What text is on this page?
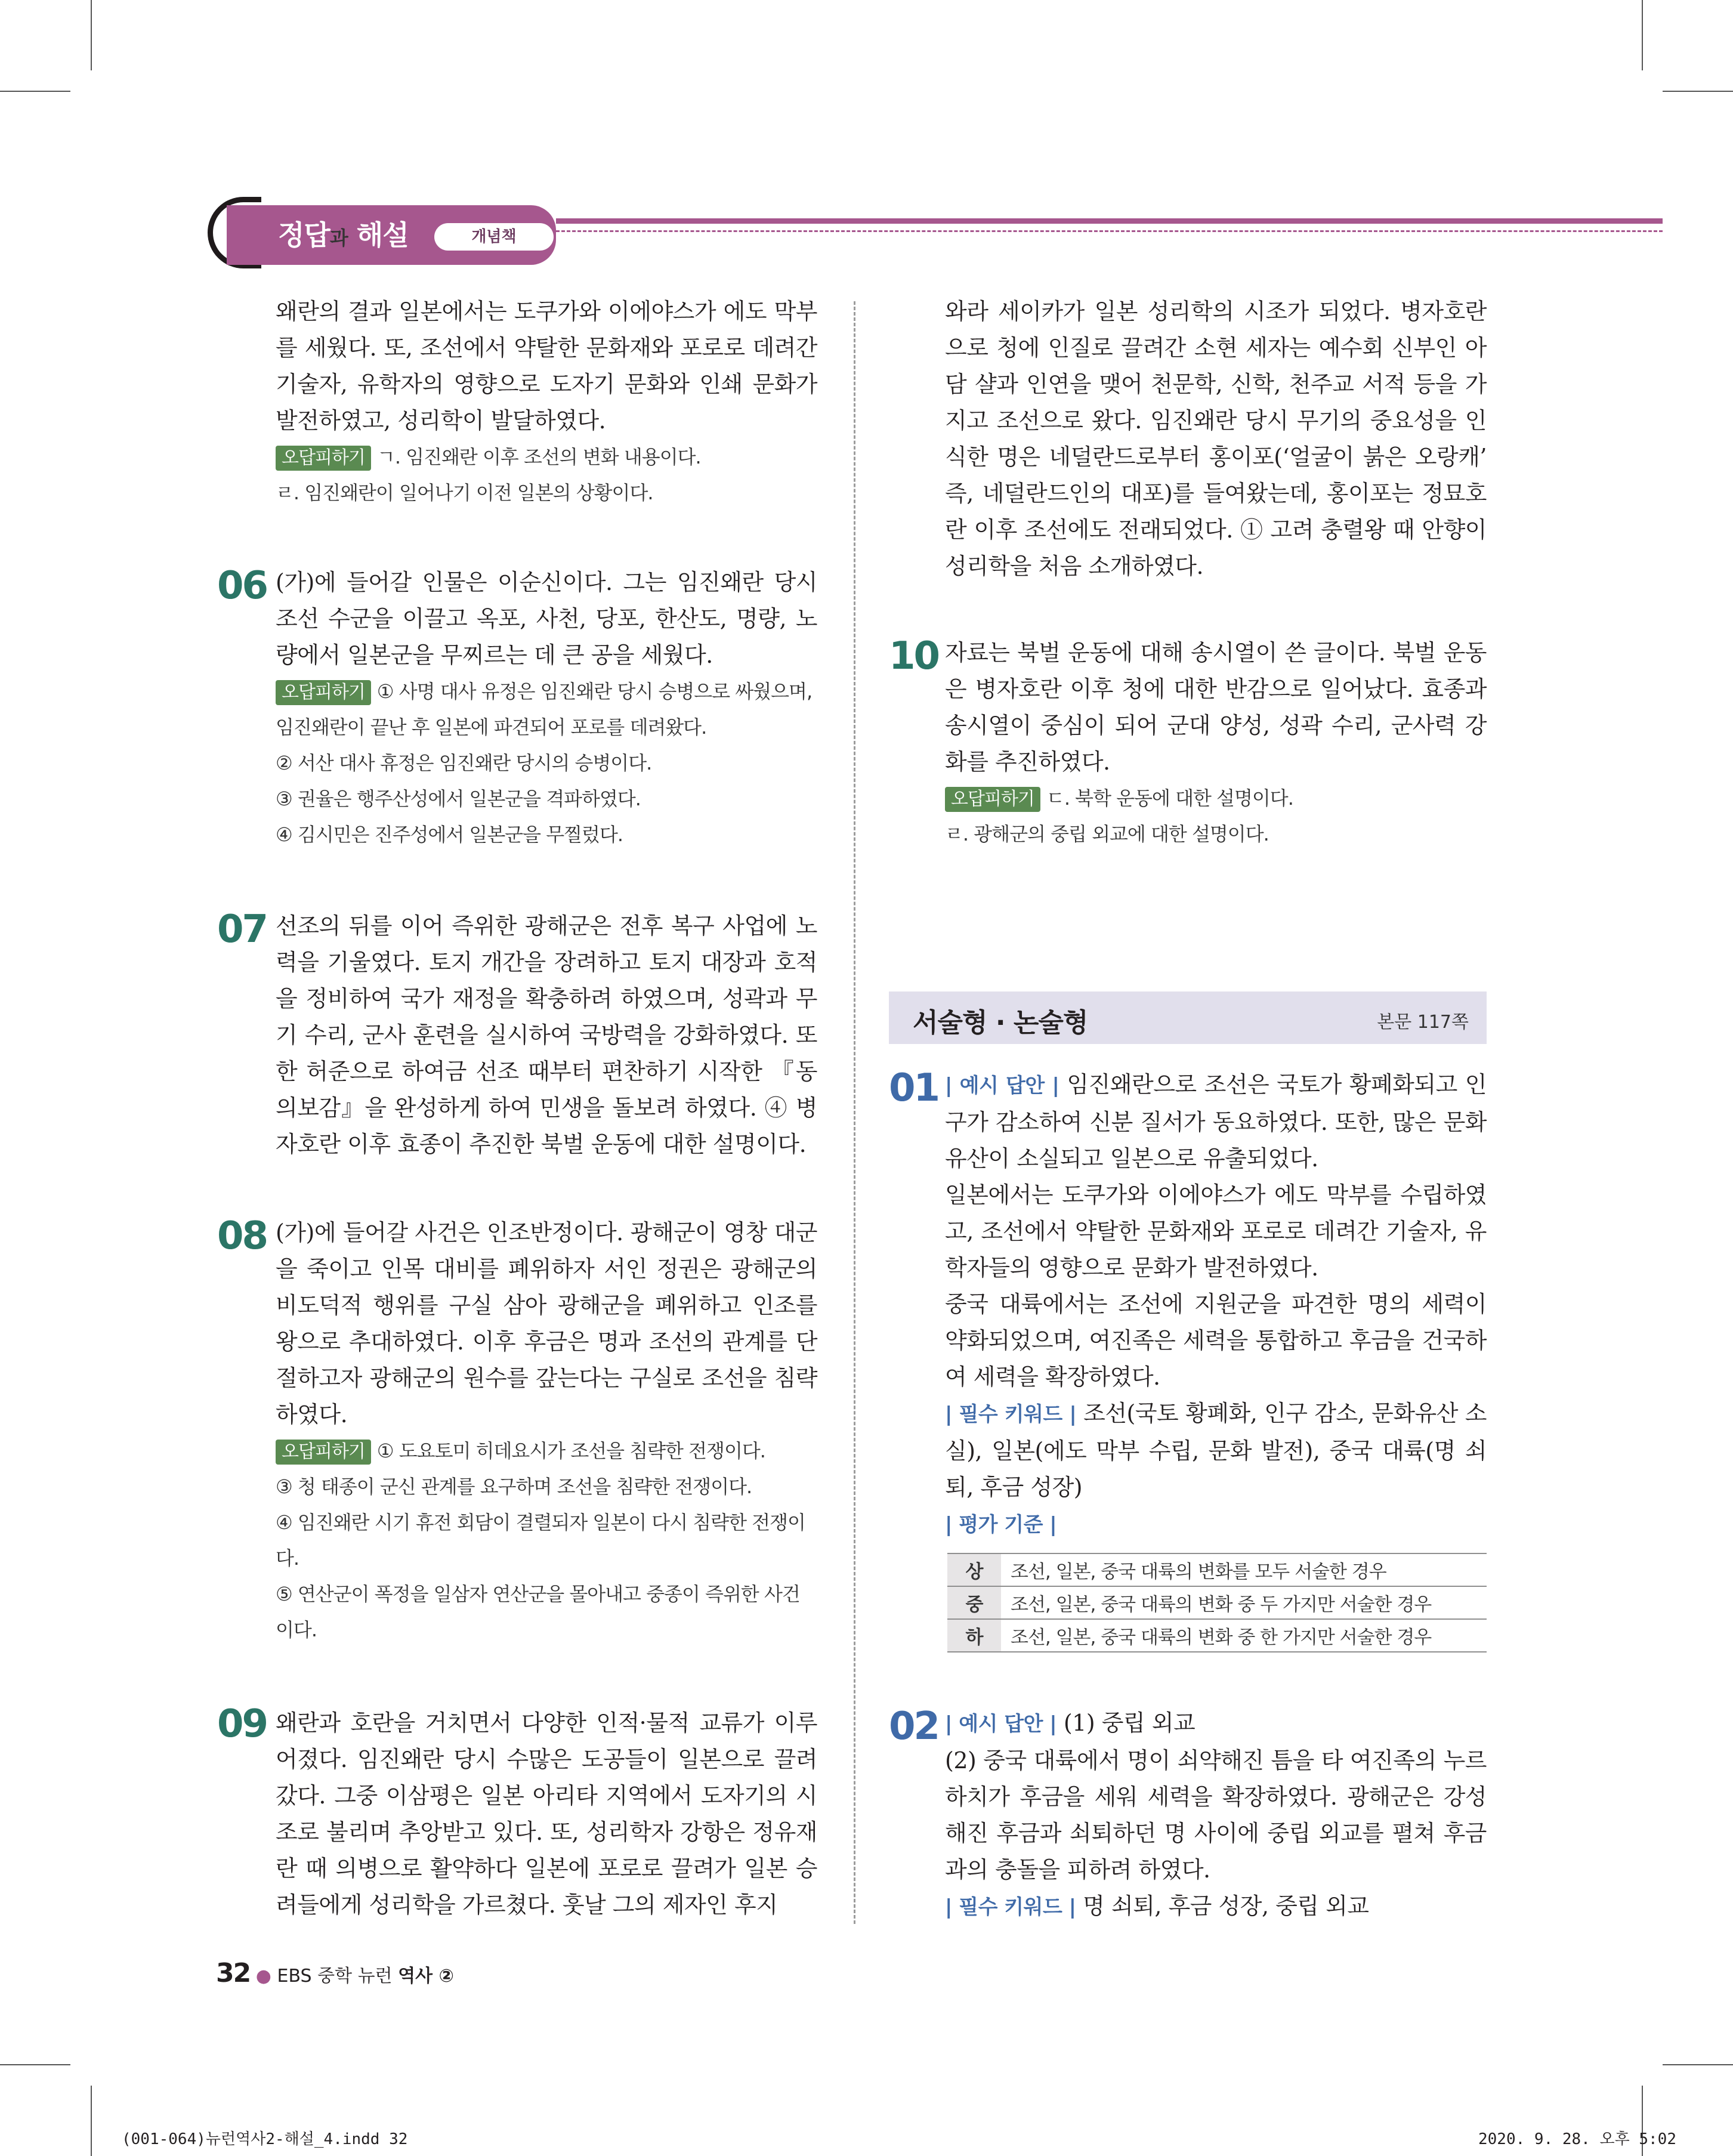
정답과 해설	개념책

왜란의 결과 일본에서는 도쿠가와 이에야스가 에도 막부를 세웠다. 또, 조선에서 약탈한 문화재와 포로로 데려간 기술자, 유학자의 영향으로 도자기 문화와 인쇄 문화가 발전하였고, 성리학이 발달하였다.

오답피하기 ㄱ. 임진왜란 이후 조선의 변화 내용이다.
ㄹ. 임진왜란이 일어나기 이전 일본의 상황이다.
06 (가)에 들어갈 인물은 이순신이다. 그는 임진왜란 당시 조선 수군을 이끌고 옥포, 사천, 당포, 한산도, 명량, 노량에서 일본군을 무찌르는 데 큰 공을 세웠다.

오답피하기 ① 사명 대사 유정은 임진왜란 당시 승병으로 싸웠으며, 임진왜란이 끝난 후 일본에 파견되어 포로를 데려왔다.
② 서산 대사 휴정은 임진왜란 당시의 승병이다.
③ 권율은 행주산성에서 일본군을 격파하였다.
④ 김시민은 진주성에서 일본군을 무찔렀다.
07 선조의 뒤를 이어 즉위한 광해군은 전후 복구 사업에 노력을 기울였다. 토지 개간을 장려하고 토지 대장과 호적을 정비하여 국가 재정을 확충하려 하였으며, 성곽과 무기 수리, 군사 훈련을 실시하여 국방력을 강화하였다. 또한 허준으로 하여금 선조 때부터 편찬하기 시작한 『동의보감』을 완성하게 하여 민생을 돌보려 하였다. ④ 병자호란 이후 효종이 추진한 북벌 운동에 대한 설명이다.

08 (가)에 들어갈 사건은 인조반정이다. 광해군이 영창 대군을 죽이고 인목 대비를 폐위하자 서인 정권은 광해군의 비도덕적 행위를 구실 삼아 광해군을 폐위하고 인조를 왕으로 추대하였다. 이후 후금은 명과 조선의 관계를 단절하고자 광해군의 원수를 갚는다는 구실로 조선을 침략하였다.

오답피하기 ① 도요토미 히데요시가 조선을 침략한 전쟁이다.
③ 청 태종이 군신 관계를 요구하며 조선을 침략한 전쟁이다.
④ 임진왜란 시기 휴전 회담이 결렬되자 일본이 다시 침략한 전쟁이다.
⑤ 연산군이 폭정을 일삼자 연산군을 몰아내고 중종이 즉위한 사건이다.
09 왜란과 호란을 거치면서 다양한 인적·물적 교류가 이루어졌다. 임진왜란 당시 수많은 도공들이 일본으로 끌려갔다. 그중 이삼평은 일본 아리타 지역에서 도자기의 시조로 불리며 추앙받고 있다. 또, 성리학자 강항은 정유재란 때 의병으로 활약하다 일본에 포로로 끌려가 일본 승려들에게 성리학을 가르쳤다. 훗날 그의 제자인 후지

와라 세이카가 일본 성리학의 시조가 되었다. 병자호란으로 청에 인질로 끌려간 소현 세자는 예수회 신부인 아담 샬과 인연을 맺어 천문학, 신학, 천주교 서적 등을 가지고 조선으로 왔다. 임진왜란 당시 무기의 중요성을 인식한 명은 네덜란드로부터 홍이포(‘얼굴이 붉은 오랑캐’ 즉, 네덜란드인의 대포)를 들여왔는데, 홍이포는 정묘호란 이후 조선에도 전래되었다. ① 고려 충렬왕 때 안향이 성리학을 처음 소개하였다.

10 자료는 북벌 운동에 대해 송시열이 쓴 글이다. 북벌 운동은 병자호란 이후 청에 대한 반감으로 일어났다. 효종과 송시열이 중심이 되어 군대 양성, 성곽 수리, 군사력 강화를 추진하였다.

오답피하기 ㄷ. 북학 운동에 대한 설명이다.
ㄹ. 광해군의 중립 외교에 대한 설명이다.
서술형 · 논술형	본문 117쪽
01 | 예시 답안 | 임진왜란으로 조선은 국토가 황폐화되고 인구가 감소하여 신분 질서가 동요하였다. 또한, 많은 문화유산이 소실되고 일본으로 유출되었다.

일본에서는 도쿠가와 이에야스가 에도 막부를 수립하였고, 조선에서 약탈한 문화재와 포로로 데려간 기술자, 유학자들의 영향으로 문화가 발전하였다.

중국 대륙에서는 조선에 지원군을 파견한 명의 세력이 약화되었으며, 여진족은 세력을 통합하고 후금을 건국하여 세력을 확장하였다.

| 필수 키워드 | 조선(국토 황폐화, 인구 감소, 문화유산 소실), 일본(에도 막부 수립, 문화 발전), 중국 대륙(명 쇠퇴, 후금 성장)

| 평가 기준 |

상	조선, 일본, 중국 대륙의 변화를 모두 서술한 경우
중	조선, 일본, 중국 대륙의 변화 중 두 가지만 서술한 경우
하	조선, 일본, 중국 대륙의 변화 중 한 가지만 서술한 경우
02 | 예시 답안 | (1) 중립 외교

(2) 중국 대륙에서 명이 쇠약해진 틈을 타 여진족의 누르하치가 후금을 세워 세력을 확장하였다. 광해군은 강성해진 후금과 쇠퇴하던 명 사이에 중립 외교를 펼쳐 후금과의 충돌을 피하려 하였다.

| 필수 키워드 | 명 쇠퇴, 후금 성장, 중립 외교

32 ● EBS 중학 뉴런 역사 ②
(001-064)뉴런역사2-해설_4.indd 32	2020. 9. 28. 오후 5:02
